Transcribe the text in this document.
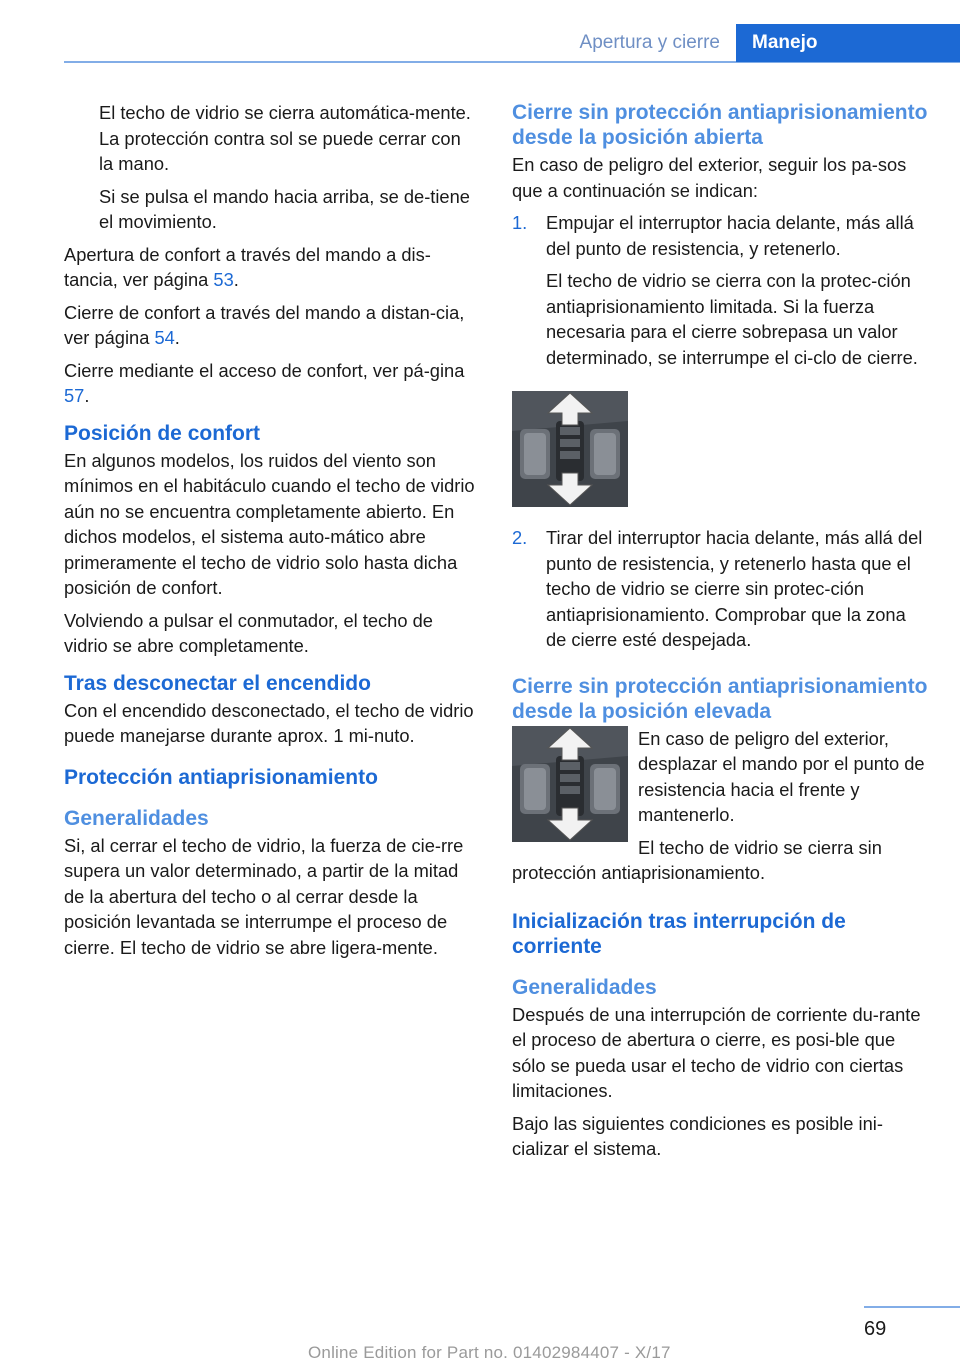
Apertura y cierre	Manejo

El techo de vidrio se cierra automática-mente. La protección contra sol se puede cerrar con la mano.

Si se pulsa el mando hacia arriba, se de-tiene el movimiento.

Apertura de confort a través del mando a dis-tancia, ver página 53.

Cierre de confort a través del mando a distan-cia, ver página 54.

Cierre mediante el acceso de confort, ver pá-gina 57.

Posición de confort

En algunos modelos, los ruidos del viento son mínimos en el habitáculo cuando el techo de vidrio aún no se encuentra completamente abierto. En dichos modelos, el sistema auto-mático abre primeramente el techo de vidrio solo hasta dicha posición de confort.

Volviendo a pulsar el conmutador, el techo de vidrio se abre completamente.

Tras desconectar el encendido

Con el encendido desconectado, el techo de vidrio puede manejarse durante aprox. 1 mi-nuto.

Protección antiaprisionamiento
Generalidades

Si, al cerrar el techo de vidrio, la fuerza de cie-rre supera un valor determinado, a partir de la mitad de la abertura del techo o al cerrar desde la posición levantada se interrumpe el proceso de cierre. El techo de vidrio se abre ligera-mente.

Cierre sin protección antiaprisionamiento desde la posición abierta

En caso de peligro del exterior, seguir los pa-sos que a continuación se indican:

1.	Empujar el interruptor hacia delante, más allá del punto de resistencia, y retenerlo.

El techo de vidrio se cierra con la protec-ción antiaprisionamiento limitada. Si la fuerza necesaria para el cierre sobrepasa un valor determinado, se interrumpe el ci-clo de cierre.

2.	Tirar del interruptor hacia delante, más allá del punto de resistencia, y retenerlo hasta que el techo de vidrio se cierre sin protec-ción antiaprisionamiento. Comprobar que la zona de cierre esté despejada.

Cierre sin protección antiaprisionamiento desde la posición elevada

En caso de peligro del exterior, desplazar el mando por el punto de resistencia hacia el frente y mantenerlo.

El techo de vidrio se cierra sin protección antiaprisionamiento.

Inicialización tras interrupción de corriente
Generalidades

Después de una interrupción de corriente du-rante el proceso de abertura o cierre, es posi-ble que sólo se pueda usar el techo de vidrio con ciertas limitaciones.

Bajo las siguientes condiciones es posible ini-cializar el sistema.

69
Online Edition for Part no. 01402984407 - X/17
